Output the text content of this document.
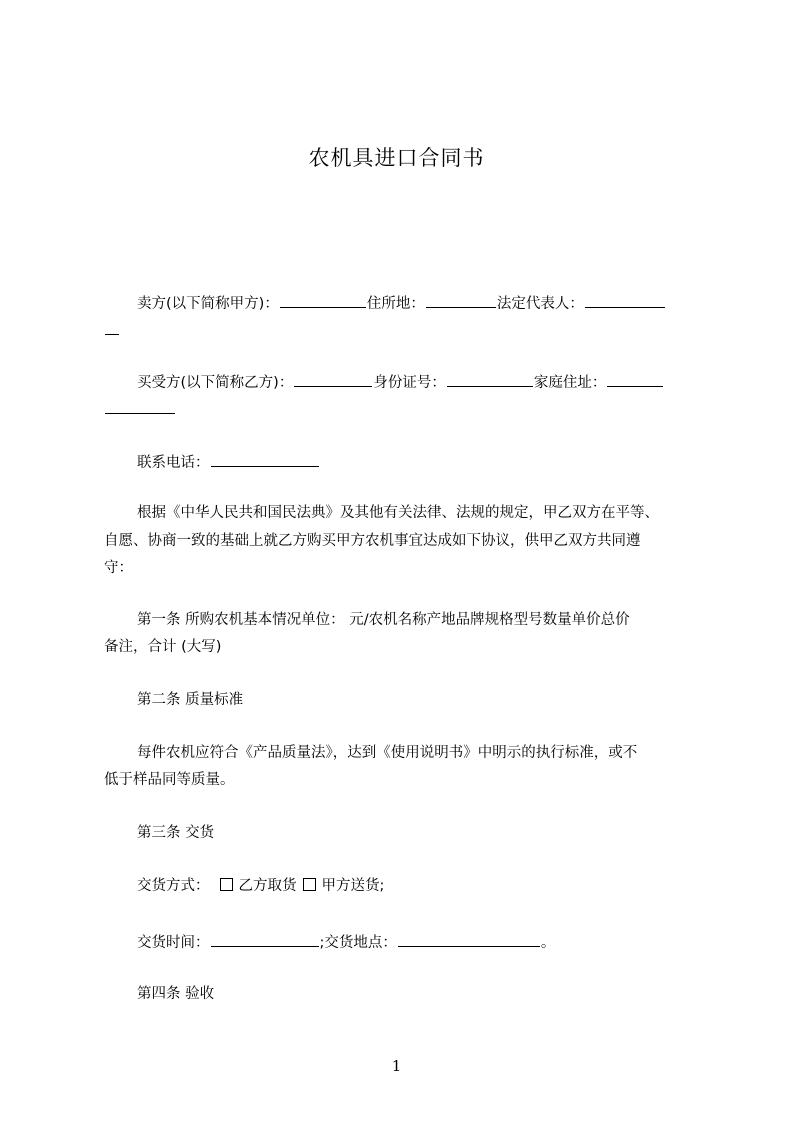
农机具进口合同书
卖方(以下简称甲方)：	住所地：	法定代表人：
买受方(以下简称乙方)：	身份证号：	家庭住址：
联系电话：
根据《中华人民共和国民法典》及其他有关法律、法规的规定，甲乙双方在平等、
自愿、协商一致的基础上就乙方购买甲方农机事宜达成如下协议，供甲乙双方共同遵
守：
第一条 所购农机基本情况单位： 元/农机名称产地品牌规格型号数量单价总价
备注，合计 (大写)
第二条 质量标准
每件农机应符合《产品质量法》，达到《使用说明书》中明示的执行标准，或不
低于样品同等质量。
第三条 交货
交货方式： 乙方取货 甲方送货;
交货时间：	;交货地点：	。
第四条 验收
1
